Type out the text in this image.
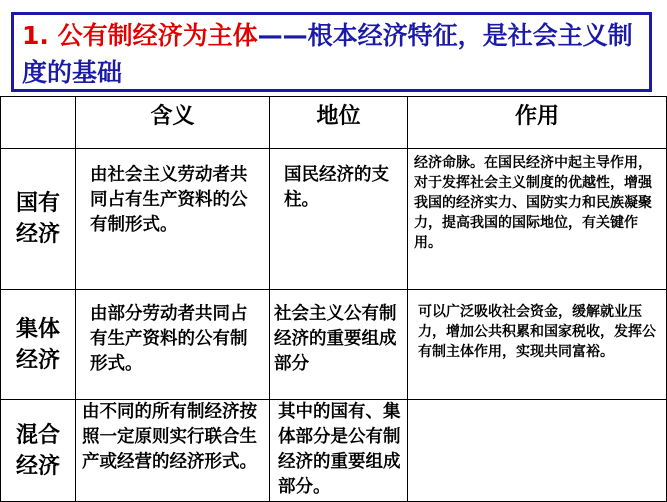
1. 公有制经济为主体——根本经济特征，是社会主义制度的基础
	含义	地位	作用

国有经济	由社会主义劳动者共同占有生产资料的公有制形式。	国民经济的支柱。	经济命脉。在国民经济中起主导作用，对于发挥社会主义制度的优越性，增强我国的经济实力、国防实力和民族凝聚力，提高我国的国际地位，有关键作用。

集体经济	由部分劳动者共同占有生产资料的公有制形式。	社会主义公有制经济的重要组成部分	可以广泛吸收社会资金，缓解就业压力，增加公共积累和国家税收，发挥公有制主体作用，实现共同富裕。

混合经济	由不同的所有制经济按照一定原则实行联合生产或经营的经济形式。	其中的国有、集体部分是公有制经济的重要组成部分。	
